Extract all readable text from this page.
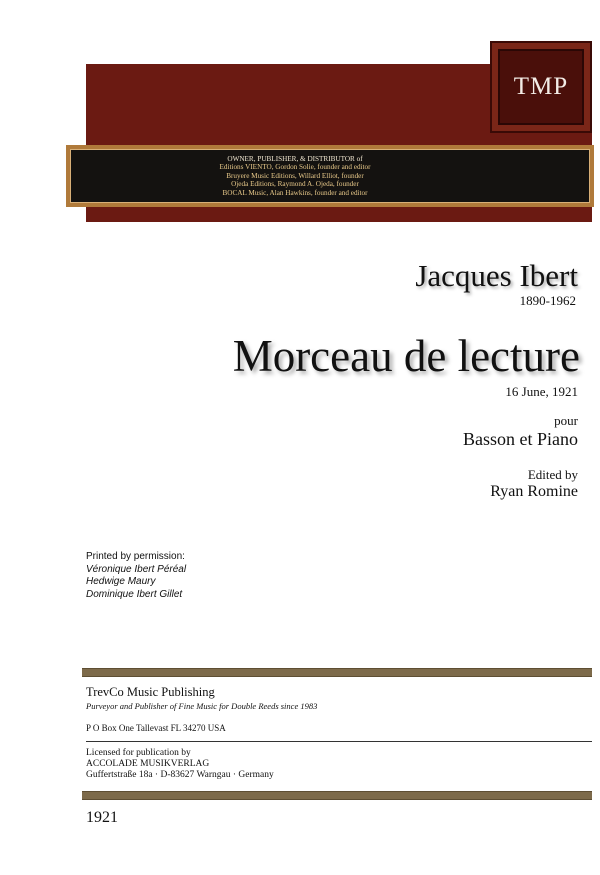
TMP
OWNER, PUBLISHER, & DISTRIBUTOR of
Editions VIENTO, Gordon Solie, founder and editor
Bruyere Music Editions, Willard Elliot, founder
Ojeda Editions, Raymond A. Ojeda, founder
BOCAL Music, Alan Hawkins, founder and editor
Jacques Ibert
1890-1962
Morceau de lecture
16 June, 1921
pour
Basson et Piano
Edited by
Ryan Romine
Printed by permission:
Véronique Ibert Péréal
Hedwige Maury
Dominique Ibert Gillet
TrevCo Music Publishing
Purveyor and Publisher of Fine Music for Double Reeds since 1983
P O Box One Tallevast FL 34270 USA
Licensed for publication by
ACCOLADE MUSIKVERLAG
Guffertstraße 18a · D-83627 Warngau · Germany
1921
